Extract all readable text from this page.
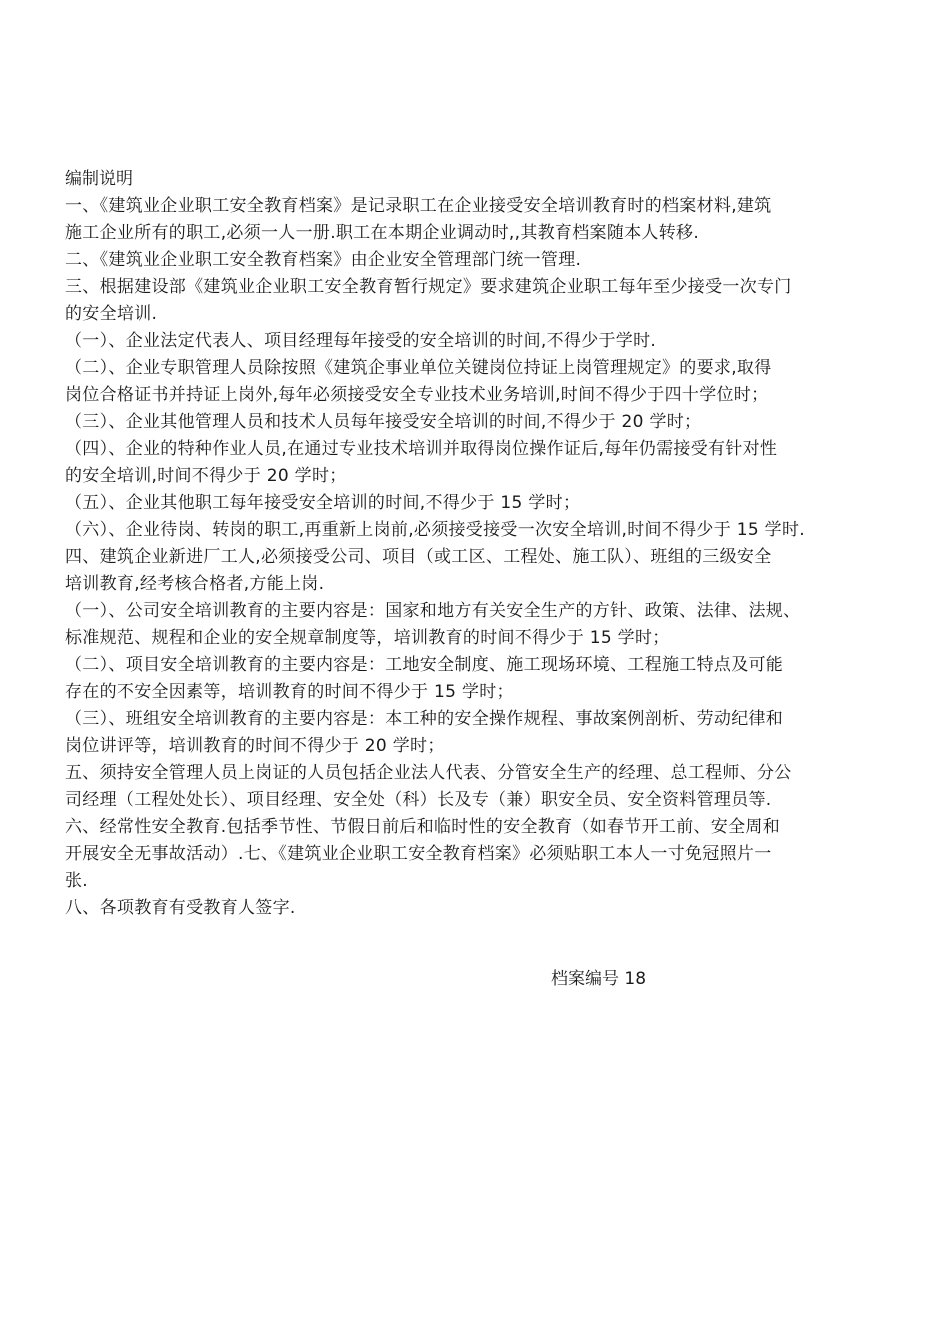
编制说明
一、《建筑业企业职工安全教育档案》是记录职工在企业接受安全培训教育时的档案材料,建筑
施工企业所有的职工,必须一人一册.职工在本期企业调动时,,其教育档案随本人转移.
二、《建筑业企业职工安全教育档案》由企业安全管理部门统一管理.
三、根据建设部《建筑业企业职工安全教育暂行规定》要求建筑企业职工每年至少接受一次专门
的安全培训.
（一）、企业法定代表人、项目经理每年接受的安全培训的时间,不得少于学时.
（二）、企业专职管理人员除按照《建筑企事业单位关键岗位持证上岗管理规定》的要求,取得
岗位合格证书并持证上岗外,每年必须接受安全专业技术业务培训,时间不得少于四十学位时；
（三）、企业其他管理人员和技术人员每年接受安全培训的时间,不得少于 20 学时；
（四）、企业的特种作业人员,在通过专业技术培训并取得岗位操作证后,每年仍需接受有针对性
的安全培训,时间不得少于 20 学时；
（五）、企业其他职工每年接受安全培训的时间,不得少于 15 学时；
（六）、企业待岗、转岗的职工,再重新上岗前,必须接受接受一次安全培训,时间不得少于 15 学时.
四、建筑企业新进厂工人,必须接受公司、项目（或工区、工程处、施工队）、班组的三级安全
培训教育,经考核合格者,方能上岗.
（一）、公司安全培训教育的主要内容是：国家和地方有关安全生产的方针、政策、法律、法规、
标准规范、规程和企业的安全规章制度等，培训教育的时间不得少于 15 学时；
（二）、项目安全培训教育的主要内容是：工地安全制度、施工现场环境、工程施工特点及可能
存在的不安全因素等，培训教育的时间不得少于 15 学时；
（三）、班组安全培训教育的主要内容是：本工种的安全操作规程、事故案例剖析、劳动纪律和
岗位讲评等，培训教育的时间不得少于 20 学时；
五、须持安全管理人员上岗证的人员包括企业法人代表、分管安全生产的经理、总工程师、分公
司经理（工程处处长）、项目经理、安全处（科）长及专（兼）职安全员、安全资料管理员等.
六、经常性安全教育.包括季节性、节假日前后和临时性的安全教育（如春节开工前、安全周和
开展安全无事故活动）.七、《建筑业企业职工安全教育档案》必须贴职工本人一寸免冠照片一
张.
八、各项教育有受教育人签字.
档案编号 18
